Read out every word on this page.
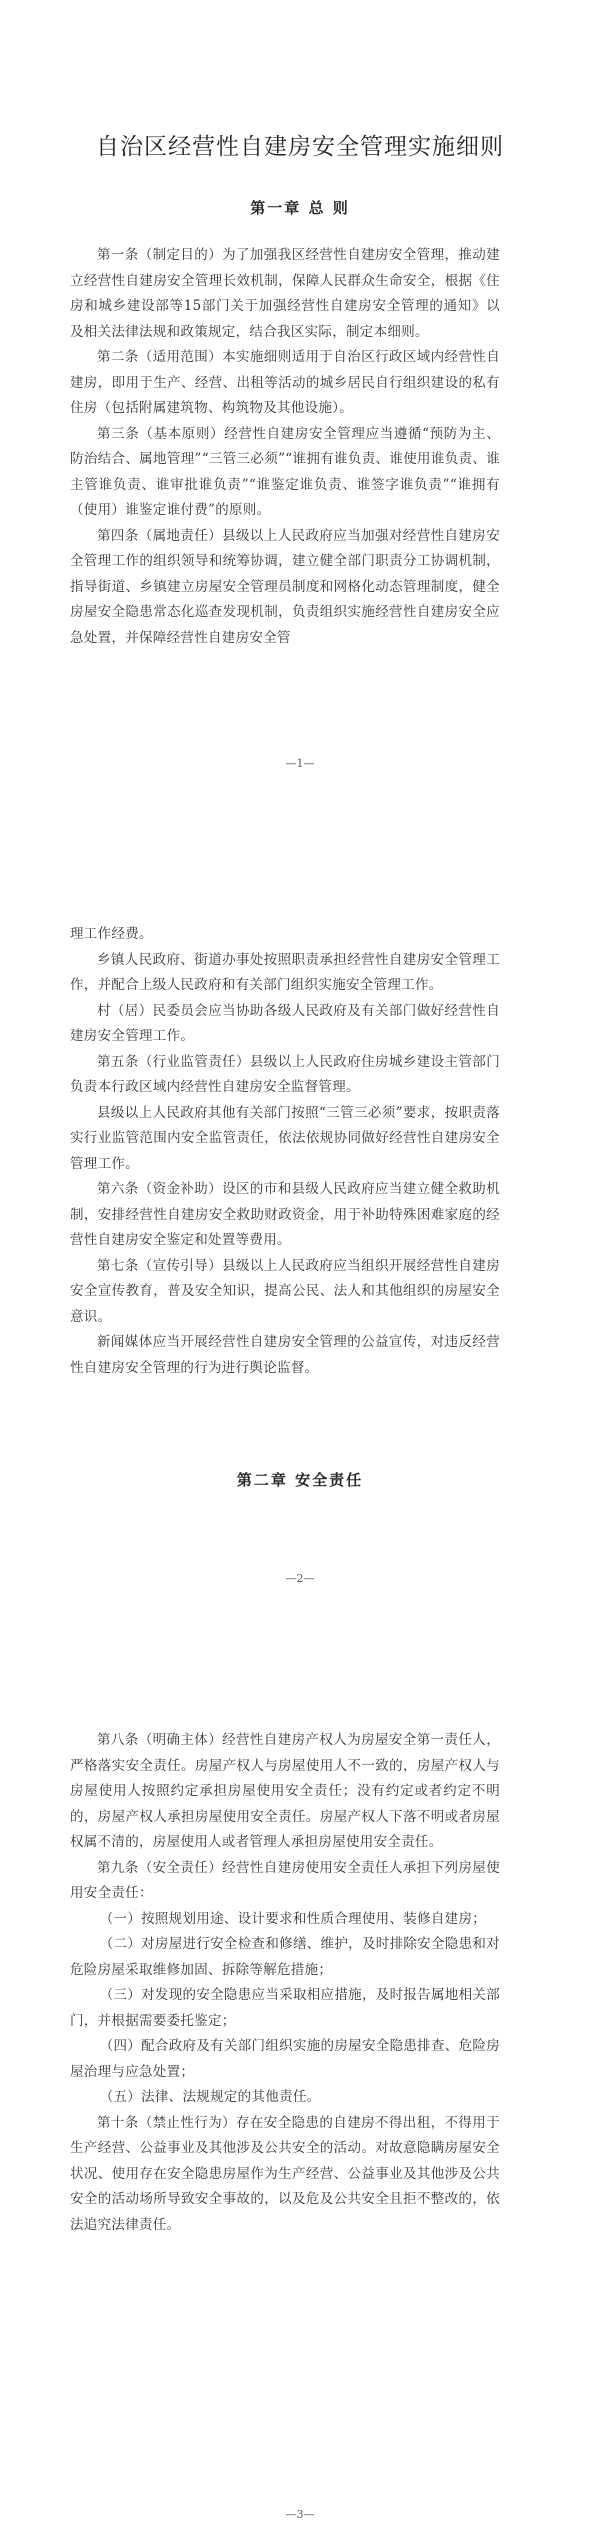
自治区经营性自建房安全管理实施细则
第一章 总 则

第一条（制定目的）为了加强我区经营性自建房安全管理，推动建立经营性自建房安全管理长效机制，保障人民群众生命安全，根据《住房和城乡建设部等15部门关于加强经营性自建房安全管理的通知》以及相关法律法规和政策规定，结合我区实际，制定本细则。

第二条（适用范围）本实施细则适用于自治区行政区域内经营性自建房，即用于生产、经营、出租等活动的城乡居民自行组织建设的私有住房（包括附属建筑物、构筑物及其他设施）。

第三条（基本原则）经营性自建房安全管理应当遵循“预防为主、防治结合、属地管理”“三管三必须”“谁拥有谁负责、谁使用谁负责、谁主管谁负责、谁审批谁负责”“谁鉴定谁负责、谁签字谁负责”“谁拥有（使用）谁鉴定谁付费”的原则。

第四条（属地责任）县级以上人民政府应当加强对经营性自建房安全管理工作的组织领导和统筹协调，建立健全部门职责分工协调机制，指导街道、乡镇建立房屋安全管理员制度和网格化动态管理制度，健全房屋安全隐患常态化巡查发现机制，负责组织实施经营性自建房安全应急处置，并保障经营性自建房安全管

—1—

理工作经费。

乡镇人民政府、街道办事处按照职责承担经营性自建房安全管理工作，并配合上级人民政府和有关部门组织实施安全管理工作。

村（居）民委员会应当协助各级人民政府及有关部门做好经营性自建房安全管理工作。

第五条（行业监管责任）县级以上人民政府住房城乡建设主管部门负责本行政区域内经营性自建房安全监督管理。

县级以上人民政府其他有关部门按照“三管三必须”要求，按职责落实行业监管范围内安全监管责任，依法依规协同做好经营性自建房安全管理工作。

第六条（资金补助）设区的市和县级人民政府应当建立健全救助机制，安排经营性自建房安全救助财政资金，用于补助特殊困难家庭的经营性自建房安全鉴定和处置等费用。

第七条（宣传引导）县级以上人民政府应当组织开展经营性自建房安全宣传教育，普及安全知识，提高公民、法人和其他组织的房屋安全意识。

新闻媒体应当开展经营性自建房安全管理的公益宣传，对违反经营性自建房安全管理的行为进行舆论监督。

第二章 安全责任

—2—

第八条（明确主体）经营性自建房产权人为房屋安全第一责任人，严格落实安全责任。房屋产权人与房屋使用人不一致的，房屋产权人与房屋使用人按照约定承担房屋使用安全责任；没有约定或者约定不明的，房屋产权人承担房屋使用安全责任。房屋产权人下落不明或者房屋权属不清的，房屋使用人或者管理人承担房屋使用安全责任。

第九条（安全责任）经营性自建房使用安全责任人承担下列房屋使用安全责任：

（一）按照规划用途、设计要求和性质合理使用、装修自建房；

（二）对房屋进行安全检查和修缮、维护，及时排除安全隐患和对危险房屋采取维修加固、拆除等解危措施；

（三）对发现的安全隐患应当采取相应措施，及时报告属地相关部门，并根据需要委托鉴定；

（四）配合政府及有关部门组织实施的房屋安全隐患排查、危险房屋治理与应急处置；

（五）法律、法规规定的其他责任。

第十条（禁止性行为）存在安全隐患的自建房不得出租，不得用于生产经营、公益事业及其他涉及公共安全的活动。对故意隐瞒房屋安全状况、使用存在安全隐患房屋作为生产经营、公益事业及其他涉及公共安全的活动场所导致安全事故的，以及危及公共安全且拒不整改的，依法追究法律责任。

—3—
